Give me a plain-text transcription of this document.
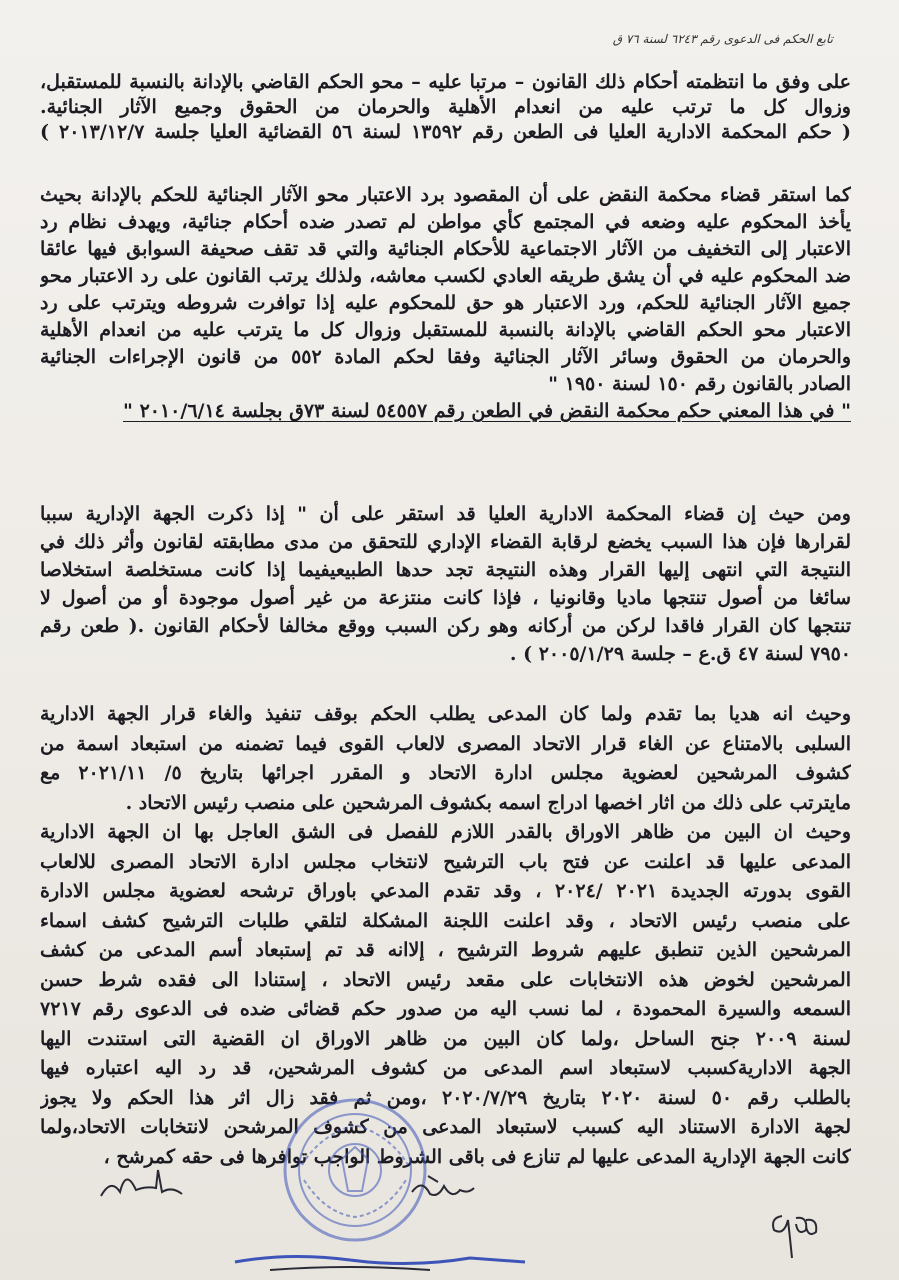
تابع الحكم فى الدعوى رقم ٦٢٤٣ لسنة ٧٦ ق
على وفق ما انتظمته أحكام ذلك القانون – مرتبا عليه – محو الحكم القاضي بالإدانة بالنسبة للمستقبل،
وزوال كل ما ترتب عليه من انعدام الأهلية والحرمان من الحقوق وجميع الآثار الجنائية.
( حكم المحكمة الادارية العليا فى الطعن رقم ١٣٥٩٢ لسنة ٥٦ القضائية العليا جلسة ٢٠١٣/١٢/٧ )
كما استقر قضاء محكمة النقض على أن المقصود برد الاعتبار محو الآثار الجنائية للحكم بالإدانة بحيث
يأخذ المحكوم عليه وضعه في المجتمع كأي مواطن لم تصدر ضده أحكام جنائية، ويهدف نظام رد
الاعتبار إلى التخفيف من الآثار الاجتماعية للأحكام الجنائية والتي قد تقف صحيفة السوابق فيها عائقا
ضد المحكوم عليه في أن يشق طريقه العادي لكسب معاشه، ولذلك يرتب القانون على رد الاعتبار محو
جميع الآثار الجنائية للحكم، ورد الاعتبار هو حق للمحكوم عليه إذا توافرت شروطه ويترتب على رد
الاعتبار محو الحكم القاضي بالإدانة بالنسبة للمستقبل وزوال كل ما يترتب عليه من انعدام الأهلية
والحرمان من الحقوق وسائر الآثار الجنائية وفقا لحكم المادة ٥٥٢ من قانون الإجراءات الجنائية
الصادر بالقانون رقم ١٥٠ لسنة ١٩٥٠ "
" في هذا المعني حكم محكمة النقض في الطعن رقم ٥٤٥٥٧ لسنة ٧٣ق بجلسة ٢٠١٠/٦/١٤ "
ومن حيث إن قضاء المحكمة الادارية العليا قد استقر على أن " إذا ذكرت الجهة الإدارية سببا
لقرارها فإن هذا السبب يخضع لرقابة القضاء الإداري للتحقق من مدى مطابقته لقانون وأثر ذلك في
النتيجة التي انتهى إليها القرار وهذه النتيجة تجد حدها الطبيعيفيما إذا كانت مستخلصة استخلاصا
سائغا من أصول تنتجها ماديا وقانونيا ، فإذا كانت منتزعة من غير أصول موجودة أو من أصول لا
تنتجها كان القرار فاقدا لركن من أركانه وهو ركن السبب ووقع مخالفا لأحكام القانون .( طعن رقم
٧٩٥٠ لسنة ٤٧ ق.ع – جلسة ٢٠٠٥/١/٢٩ ) .
وحيث انه هديا بما تقدم ولما كان المدعى يطلب الحكم بوقف تنفيذ والغاء قرار الجهة الادارية
السلبى بالامتناع عن الغاء قرار الاتحاد المصرى لالعاب القوى فيما تضمنه من استبعاد اسمة من
كشوف المرشحين لعضوية مجلس ادارة الاتحاد و المقرر اجرائها بتاريخ ٥/ ٢٠٢١/١١ مع
مايترتب على ذلك من اثار اخصها ادراج اسمه بكشوف المرشحين على منصب رئيس الاتحاد .
وحيث ان البين من ظاهر الاوراق بالقدر اللازم للفصل فى الشق العاجل بها ان الجهة الادارية
المدعى عليها قد اعلنت عن فتح باب الترشيح لانتخاب مجلس ادارة الاتحاد المصرى للالعاب
القوى بدورته الجديدة ٢٠٢١ /٢٠٢٤ ، وقد تقدم المدعي باوراق ترشحه لعضوية مجلس الادارة
على منصب رئيس الاتحاد ، وقد اعلنت اللجنة المشكلة لتلقي طلبات الترشيح كشف اسماء
المرشحين الذين تنطبق عليهم شروط الترشيح ، إلاانه قد تم إستبعاد أسم المدعى من كشف
المرشحين لخوض هذه الانتخابات على مقعد رئيس الاتحاد ، إستنادا الى فقده شرط حسن
السمعه والسيرة المحمودة ، لما نسب اليه من صدور حكم قضائى ضده فى الدعوى رقم ٧٢١٧
لسنة ٢٠٠٩ جنح الساحل ،ولما كان البين من ظاهر الاوراق ان القضية التى استندت اليها
الجهة الاداريةكسبب لاستبعاد اسم المدعى من كشوف المرشحين، قد رد اليه اعتباره فيها
بالطلب رقم ٥٠ لسنة ٢٠٢٠ بتاريخ ٢٠٢٠/٧/٢٩ ،ومن ثم فقد زال اثر هذا الحكم ولا يجوز
لجهة الادارة الاستناد اليه كسبب لاستبعاد المدعى من كشوف المرشحن لانتخابات الاتحاد،ولما
كانت الجهة الإدارية المدعى عليها لم تنازع فى باقى الشروط الواجب توافرها فى حقه كمرشح ،
